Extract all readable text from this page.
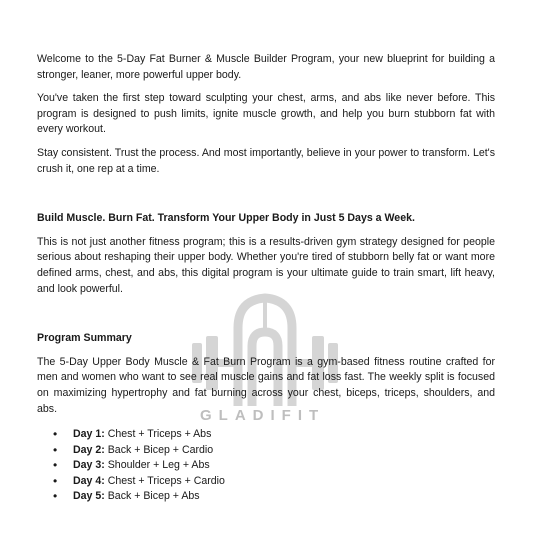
GLADIFIT

Welcome to the 5-Day Fat Burner & Muscle Builder Program, your new blueprint for building a stronger, leaner, more powerful upper body.

You've taken the first step toward sculpting your chest, arms, and abs like never before. This program is designed to push limits, ignite muscle growth, and help you burn stubborn fat with every workout.

Stay consistent. Trust the process. And most importantly, believe in your power to transform. Let's crush it, one rep at a time.

Build Muscle. Burn Fat. Transform Your Upper Body in Just 5 Days a Week.

This is not just another fitness program; this is a results-driven gym strategy designed for people serious about reshaping their upper body. Whether you're tired of stubborn belly fat or want more defined arms, chest, and abs, this digital program is your ultimate guide to train smart, lift heavy, and look powerful.

Program Summary

The 5-Day Upper Body Muscle & Fat Burn Program is a gym-based fitness routine crafted for men and women who want to see real muscle gains and fat loss fast. The weekly split is focused on maximizing hypertrophy and fat burning across your chest, biceps, triceps, shoulders, and abs.

• Day 1: Chest + Triceps + Abs
• Day 2: Back + Bicep + Cardio
• Day 3: Shoulder + Leg + Abs
• Day 4: Chest + Triceps + Cardio
• Day 5: Back + Bicep + Abs
